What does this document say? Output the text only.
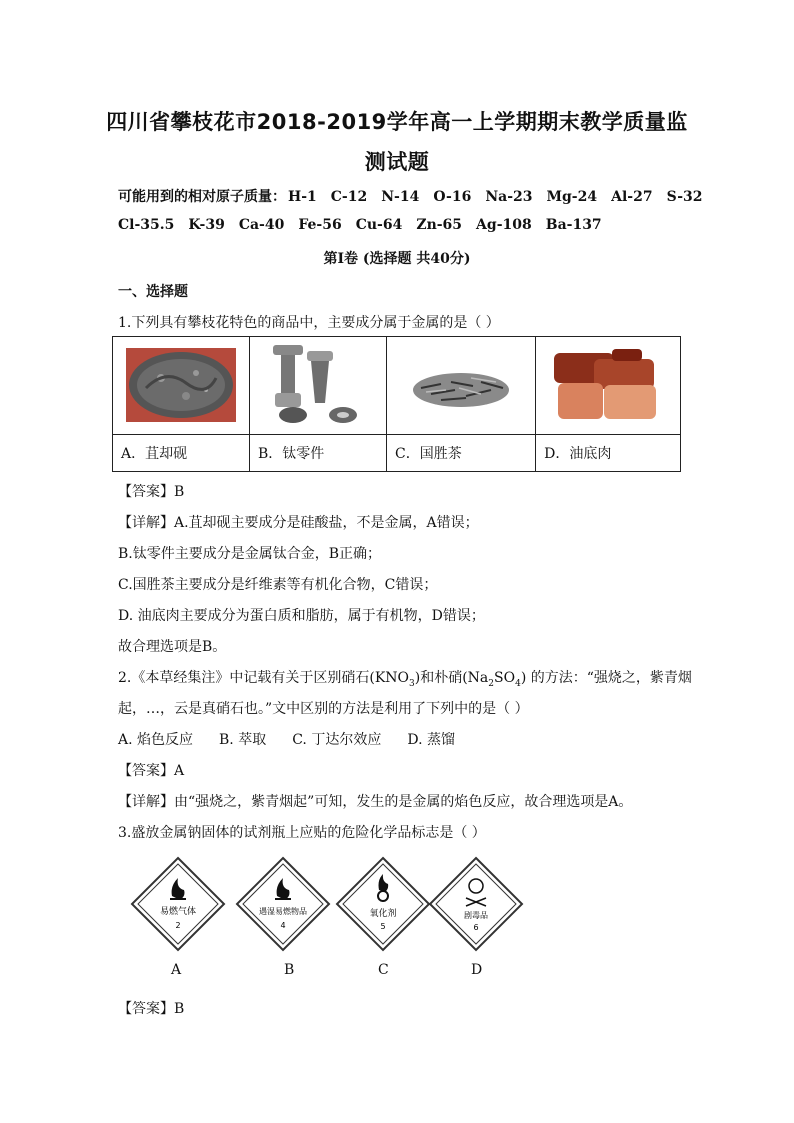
四川省攀枝花市2018-2019学年高一上学期期末教学质量监
测试题
可能用到的相对原子质量： H-1 C-12 N-14 O-16 Na-23 Mg-24 Al-27 S-32
Cl-35.5 K-39 Ca-40 Fe-56 Cu-64 Zn-65 Ag-108 Ba-137
第Ⅰ卷 (选择题 共40分)
一、选择题
1.下列具有攀枝花特色的商品中，主要成分属于金属的是（ ）

A．苴却砚	B．钛零件	C．国胜茶	D．油底肉
【答案】B
【详解】A.苴却砚主要成分是硅酸盐，不是金属，A错误；
B.钛零件主要成分是金属钛合金，B正确；
C.国胜茶主要成分是纤维素等有机化合物，C错误；
D. 油底肉主要成分为蛋白质和脂肪，属于有机物，D错误；
故合理选项是B。
2.《本草经集注》中记载有关于区别硝石$(KNO_3)$和朴硝$(Na_2SO_4)$ 的方法：“强烧之，紫青烟
起，…，云是真硝石也。”文中区别的方法是利用了下列中的是（ ）
A. 焰色反应 B. 萃取 C. 丁达尔效应 D. 蒸馏
【答案】A
【详解】由“强烧之，紫青烟起”可知，发生的是金属的焰色反应，故合理选项是A。
3.盛放金属钠固体的试剂瓶上应贴的危险化学品标志是（ ）
易燃气体
2
遇湿易燃物品
4
氧化剂
5
剧毒品
6
A	B	C	D
【答案】B
